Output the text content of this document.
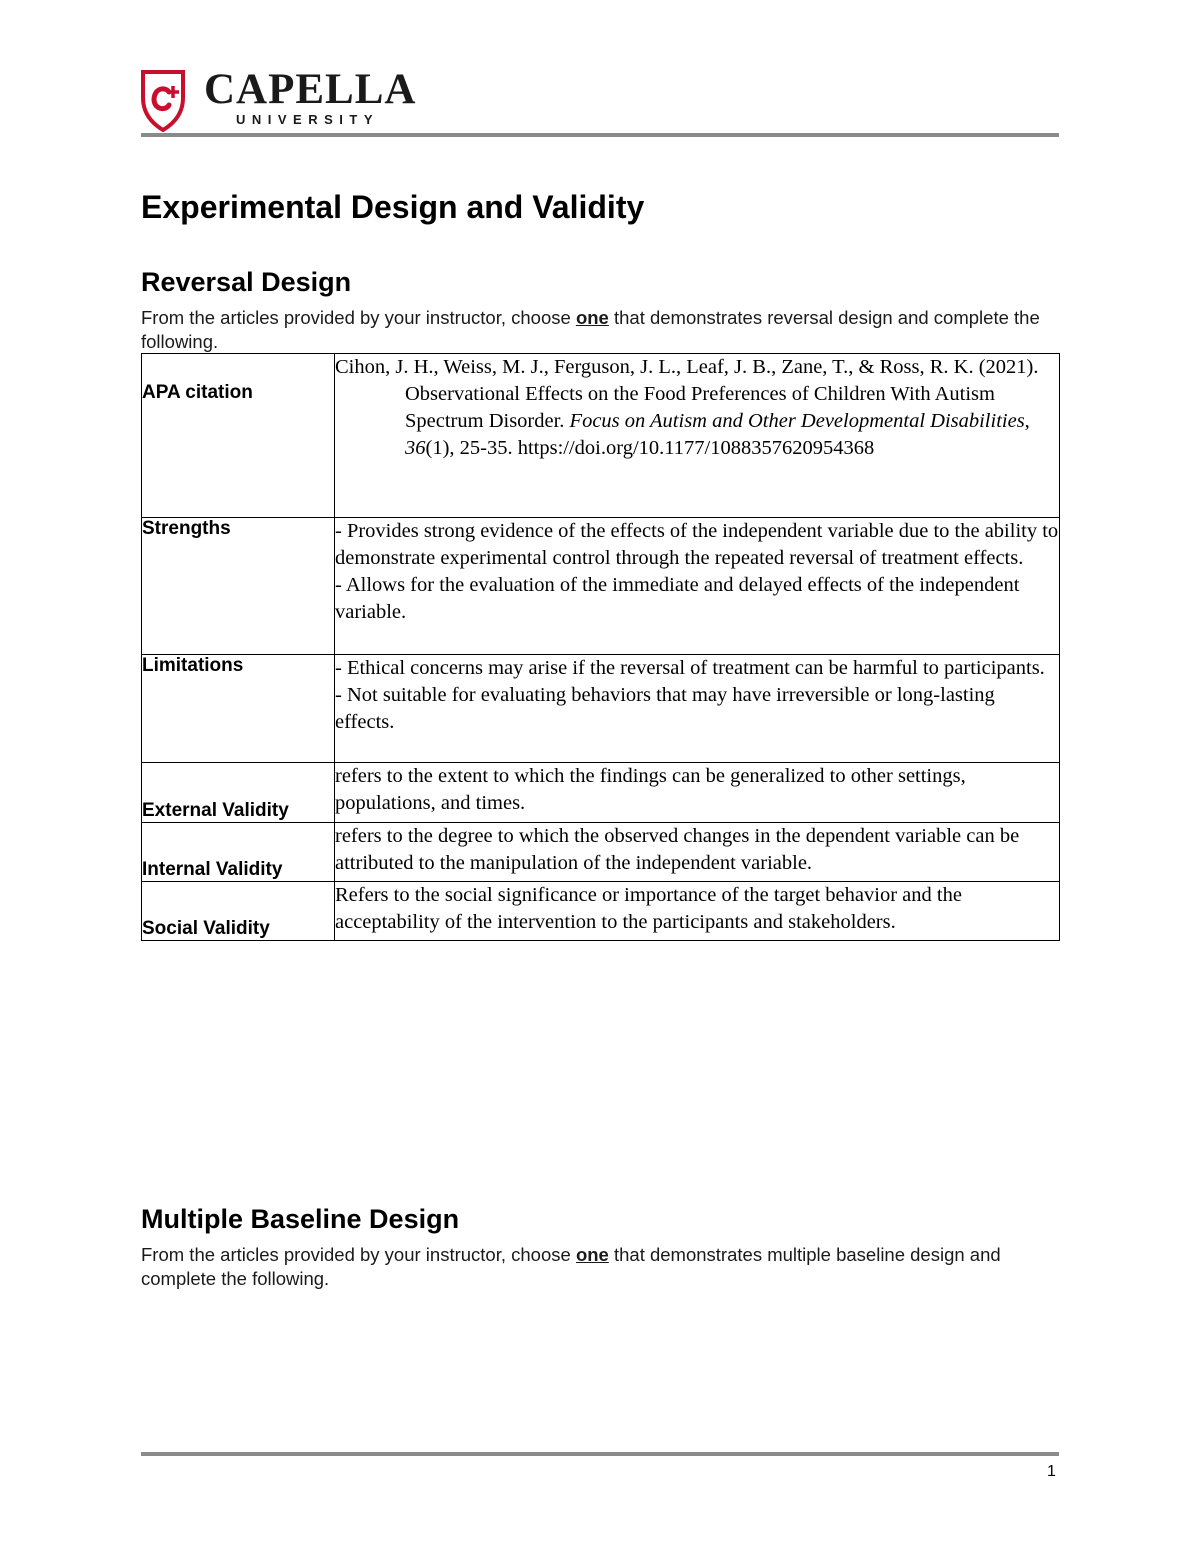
CAPELLA
UNIVERSITY
Experimental Design and Validity
Reversal Design

From the articles provided by your instructor, choose one that demonstrates reversal design and complete the following.

APA citation	Cihon, J. H., Weiss, M. J., Ferguson, J. L., Leaf, J. B., Zane, T., & Ross, R. K. (2021). Observational Effects on the Food Preferences of Children With Autism Spectrum Disorder. Focus on Autism and Other Developmental Disabilities, 36(1), 25-35. https://doi.org/10.1177/1088357620954368

Strengths	- Provides strong evidence of the effects of the independent variable due to the ability to demonstrate experimental control through the repeated reversal of treatment effects.
- Allows for the evaluation of the immediate and delayed effects of the independent variable.

Limitations	- Ethical concerns may arise if the reversal of treatment can be harmful to participants.
- Not suitable for evaluating behaviors that may have irreversible or long-lasting effects.

External Validity	refers to the extent to which the findings can be generalized to other settings, populations, and times.
Internal Validity	refers to the degree to which the observed changes in the dependent variable can be attributed to the manipulation of the independent variable.
Social Validity	Refers to the social significance or importance of the target behavior and the acceptability of the intervention to the participants and stakeholders.
Multiple Baseline Design

From the articles provided by your instructor, choose one that demonstrates multiple baseline design and complete the following.

1
